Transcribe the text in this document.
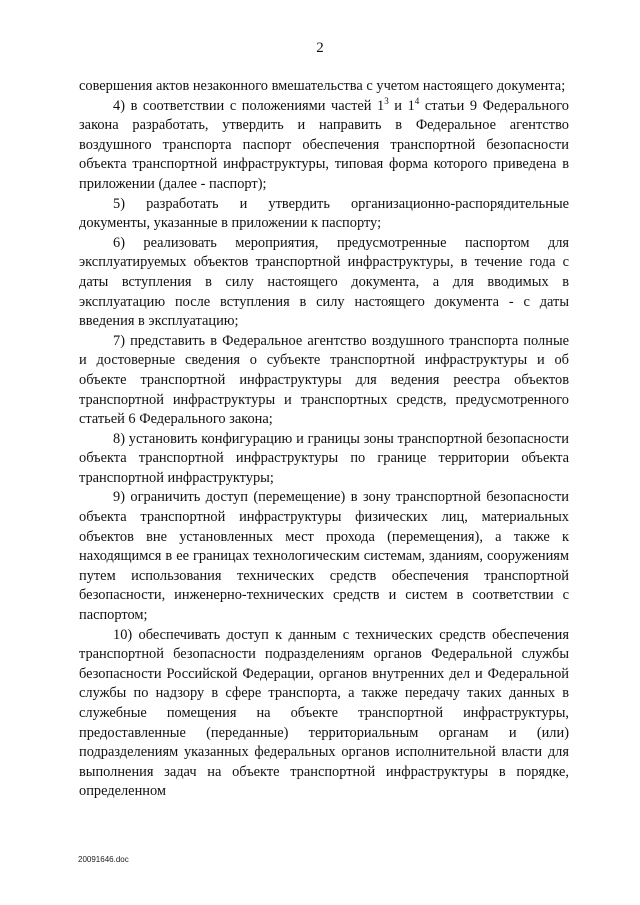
2

совершения актов незаконного вмешательства с учетом настоящего документа;

4) в соответствии с положениями частей $1^3$ и $1^4$ статьи 9 Федерального закона разработать, утвердить и направить в Федеральное агентство воздушного транспорта паспорт обеспечения транспортной безопасности объекта транспортной инфраструктуры, типовая форма которого приведена в приложении (далее - паспорт);

5) разработать и утвердить организационно-распорядительные документы, указанные в приложении к паспорту;

6) реализовать мероприятия, предусмотренные паспортом для эксплуатируемых объектов транспортной инфраструктуры, в течение года с даты вступления в силу настоящего документа, а для вводимых в эксплуатацию после вступления в силу настоящего документа - с даты введения в эксплуатацию;

7) представить в Федеральное агентство воздушного транспорта полные и достоверные сведения о субъекте транспортной инфраструктуры и об объекте транспортной инфраструктуры для ведения реестра объектов транспортной инфраструктуры и транспортных средств, предусмотренного статьей 6 Федерального закона;

8) установить конфигурацию и границы зоны транспортной безопасности объекта транспортной инфраструктуры по границе территории объекта транспортной инфраструктуры;

9) ограничить доступ (перемещение) в зону транспортной безопасности объекта транспортной инфраструктуры физических лиц, материальных объектов вне установленных мест прохода (перемещения), а также к находящимся в ее границах технологическим системам, зданиям, сооружениям путем использования технических средств обеспечения транспортной безопасности, инженерно-технических средств и систем в соответствии с паспортом;

10) обеспечивать доступ к данным с технических средств обеспечения транспортной безопасности подразделениям органов Федеральной службы безопасности Российской Федерации, органов внутренних дел и Федеральной службы по надзору в сфере транспорта, а также передачу таких данных в служебные помещения на объекте транспортной инфраструктуры, предоставленные (переданные) территориальным органам и (или) подразделениям указанных федеральных органов исполнительной власти для выполнения задач на объекте транспортной инфраструктуры в порядке, определенном

20091646.doc
